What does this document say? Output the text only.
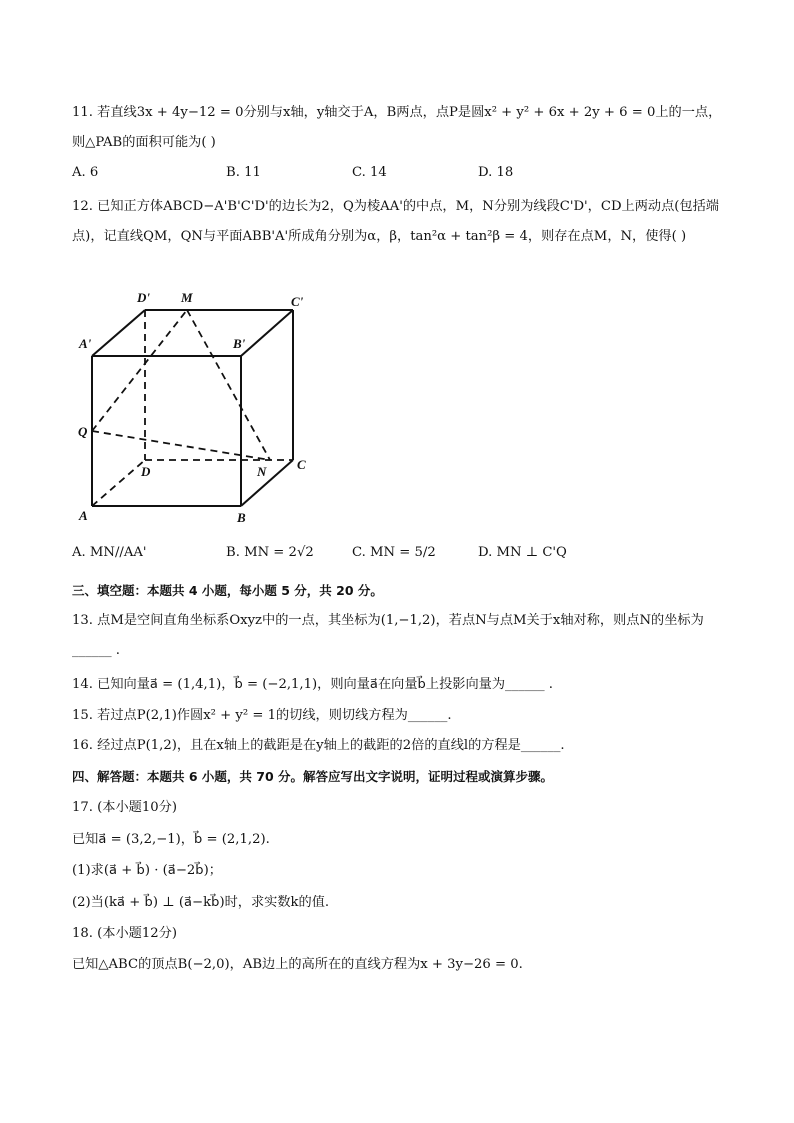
11. 若直线3x + 4y−12 = 0分别与x轴，y轴交于A，B两点，点P是圆x² + y² + 6x + 2y + 6 = 0上的一点，
则△PAB的面积可能为( )
A. 6	B. 11	C. 14	D. 18
12. 已知正方体ABCD−A'B'C'D'的边长为2，Q为棱AA'的中点，M，N分别为线段C'D'，CD上两动点(包括端
点)，记直线QM，QN与平面ABB'A'所成角分别为α，β，tan²α + tan²β = 4，则存在点M，N，使得( )
D' M	C'
A'	B'
Q
D	N C
A	B
A. MN//AA'	B. MN = 2√2	C. MN = 5/2	D. MN ⊥ C'Q
三、填空题：本题共 4 小题，每小题 5 分，共 20 分。
13. 点M是空间直角坐标系Oxyz中的一点，其坐标为(1,−1,2)，若点N与点M关于x轴对称，则点N的坐标为
______ .
14. 已知向量a⃗ = (1,4,1)，b⃗ = (−2,1,1)，则向量a⃗在向量b⃗上投影向量为______ .
15. 若过点P(2,1)作圆x² + y² = 1的切线，则切线方程为______.
16. 经过点P(1,2)，且在x轴上的截距是在y轴上的截距的2倍的直线l的方程是______.
四、解答题：本题共 6 小题，共 70 分。解答应写出文字说明，证明过程或演算步骤。
17. (本小题10分)
已知a⃗ = (3,2,−1)，b⃗ = (2,1,2).
(1)求(a⃗ + b⃗) · (a⃗−2b⃗)；
(2)当(ka⃗ + b⃗) ⊥ (a⃗−kb⃗)时，求实数k的值.
18. (本小题12分)
已知△ABC的顶点B(−2,0)，AB边上的高所在的直线方程为x + 3y−26 = 0.
